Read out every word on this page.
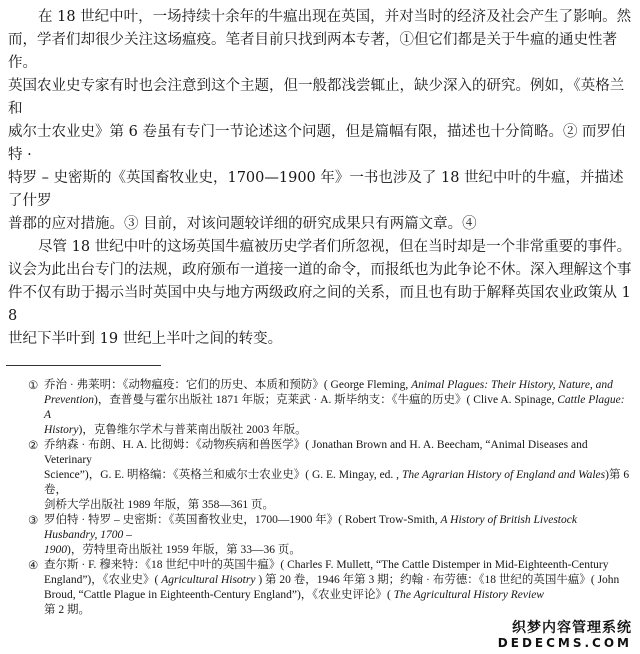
在 18 世纪中叶，一场持续十余年的牛瘟出现在英国，并对当时的经济及社会产生了影响。然
而，学者们却很少关注这场瘟疫。笔者目前只找到两本专著，①但它们都是关于牛瘟的通史性著作。
英国农业史专家有时也会注意到这个主题，但一般都浅尝辄止，缺少深入的研究。例如，《英格兰和
威尔士农业史》第 6 卷虽有专门一节论述这个问题，但是篇幅有限，描述也十分简略。② 而罗伯特 ·
特罗 – 史密斯的《英国畜牧业史，1700—1900 年》一书也涉及了 18 世纪中叶的牛瘟，并描述了什罗
普郡的应对措施。③ 目前，对该问题较详细的研究成果只有两篇文章。④
尽管 18 世纪中叶的这场英国牛瘟被历史学者们所忽视，但在当时却是一个非常重要的事件。
议会为此出台专门的法规，政府颁布一道接一道的命令，而报纸也为此争论不休。深入理解这个事
件不仅有助于揭示当时英国中央与地方两级政府之间的关系，而且也有助于解释英国农业政策从 18
世纪下半叶到 19 世纪上半叶之间的转变。
① 乔治 · 弗莱明：《动物瘟疫：它们的历史、本质和预防》( George Fleming, Animal Plagues: Their History, Nature, and
Prevention)，查普曼与霍尔出版社 1871 年版；克莱武 · A. 斯毕纳支：《牛瘟的历史》( Clive A. Spinage, Cattle Plague: A
History)，克鲁维尔学术与普莱南出版社 2003 年版。
② 乔纳森 · 布朗、H. A. 比彻姆：《动物疾病和兽医学》( Jonathan Brown and H. A. Beecham, “Animal Diseases and Veterinary
Science”)，G. E. 明格编：《英格兰和威尔士农业史》( G. E. Mingay, ed. , The Agrarian History of England and Wales)第 6 卷，
剑桥大学出版社 1989 年版，第 358—361 页。
③ 罗伯特 · 特罗 – 史密斯：《英国畜牧业史，1700—1900 年》( Robert Trow-Smith, A History of British Livestock Husbandry, 1700 –
1900)，劳特里奇出版社 1959 年版，第 33—36 页。
④ 查尔斯 · F. 穆来特：《18 世纪中叶的英国牛瘟》( Charles F. Mullett, “The Cattle Distemper in Mid-Eighteenth-Century
England”)，《农业史》( Agricultural Hisotry ) 第 20 卷，1946 年第 3 期；约翰 · 布劳德：《18 世纪的英国牛瘟》( John
Broud, “Cattle Plague in Eighteenth-Century England”)，《农业史评论》( The Agricultural History Review
第 2 期。
织梦内容管理系统
DEDECMS.COM
